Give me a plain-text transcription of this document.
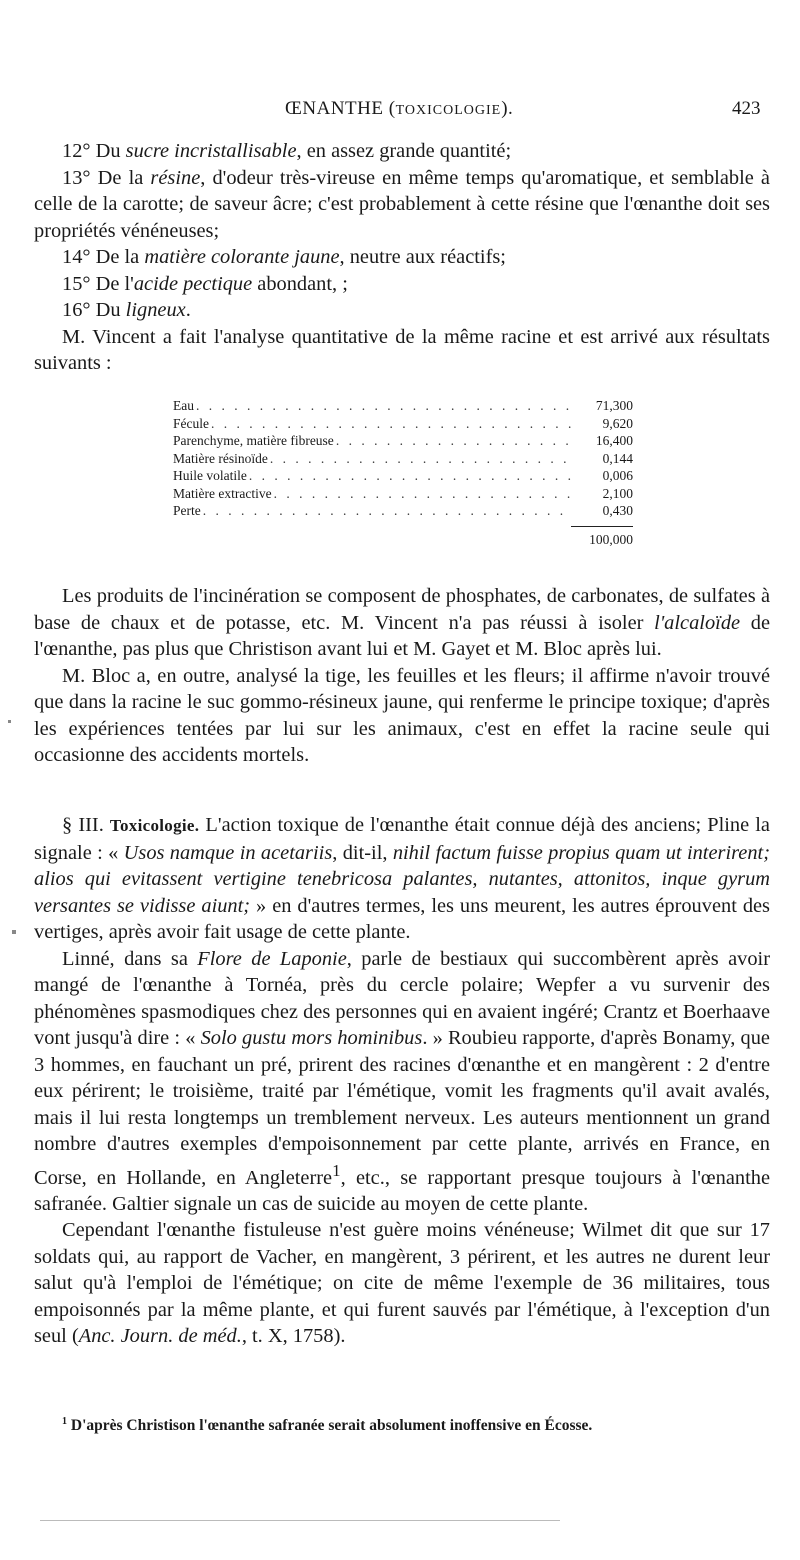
ŒNANTHE (TOXICOLOGIE).	423

12° Du sucre incristallisable, en assez grande quantité;

13° De la résine, d'odeur très-vireuse en même temps qu'aromatique, et semblable à celle de la carotte; de saveur âcre; c'est probablement à cette résine que l'œnanthe doit ses propriétés vénéneuses;

14° De la matière colorante jaune, neutre aux réactifs;

15° De l'acide pectique abondant, ;

16° Du ligneux.

M. Vincent a fait l'analyse quantitative de la même racine et est arrivé aux résultats suivants :

Eau . . .	71,300
Fécule . . .	9,620
Parenchyme, matière fibreuse . . .	16,400
Matière résinoïde . . .	0,144
Huile volatile . . .	0,006
Matière extractive . . .	2,100
Perte . . .	0,430
100,000

Les produits de l'incinération se composent de phosphates, de carbonates, de sulfates à base de chaux et de potasse, etc. M. Vincent n'a pas réussi à isoler l'alcaloïde de l'œnanthe, pas plus que Christison avant lui et M. Gayet et M. Bloc après lui.

M. Bloc a, en outre, analysé la tige, les feuilles et les fleurs; il affirme n'avoir trouvé que dans la racine le suc gommo-résineux jaune, qui renferme le principe toxique; d'après les expériences tentées par lui sur les animaux, c'est en effet la racine seule qui occasionne des accidents mortels.

§ III. Toxicologie. L'action toxique de l'œnanthe était connue déjà des anciens; Pline la signale : « Usos namque in acetariis, dit-il, nihil factum fuisse propius quam ut interirent; alios qui evitassent vertigine tenebricosa palantes, nutantes, attonitos, inque gyrum versantes se vidisse aiunt; » en d'autres termes, les uns meurent, les autres éprouvent des vertiges, après avoir fait usage de cette plante.

Linné, dans sa Flore de Laponie, parle de bestiaux qui succombèrent après avoir mangé de l'œnanthe à Tornéa, près du cercle polaire; Wepfer a vu survenir des phénomènes spasmodiques chez des personnes qui en avaient ingéré; Crantz et Boerhaave vont jusqu'à dire : « Solo gustu mors hominibus. » Roubieu rapporte, d'après Bonamy, que 3 hommes, en fauchant un pré, prirent des racines d'œnanthe et en mangèrent : 2 d'entre eux périrent; le troisième, traité par l'émétique, vomit les fragments qu'il avait avalés, mais il lui resta longtemps un tremblement nerveux. Les auteurs mentionnent un grand nombre d'autres exemples d'empoisonnement par cette plante, arrivés en France, en Corse, en Hollande, en Angleterre$^1$, etc., se rapportant presque toujours à l'œnanthe safranée. Galtier signale un cas de suicide au moyen de cette plante.

Cependant l'œnanthe fistuleuse n'est guère moins vénéneuse; Wilmet dit que sur 17 soldats qui, au rapport de Vacher, en mangèrent, 3 périrent, et les autres ne durent leur salut qu'à l'emploi de l'émétique; on cite de même l'exemple de 36 militaires, tous empoisonnés par la même plante, et qui furent sauvés par l'émétique, à l'exception d'un seul (Anc. Journ. de méd., t. X, 1758).

$^1$ D'après Christison l'œnanthe safranée serait absolument inoffensive en Écosse.
